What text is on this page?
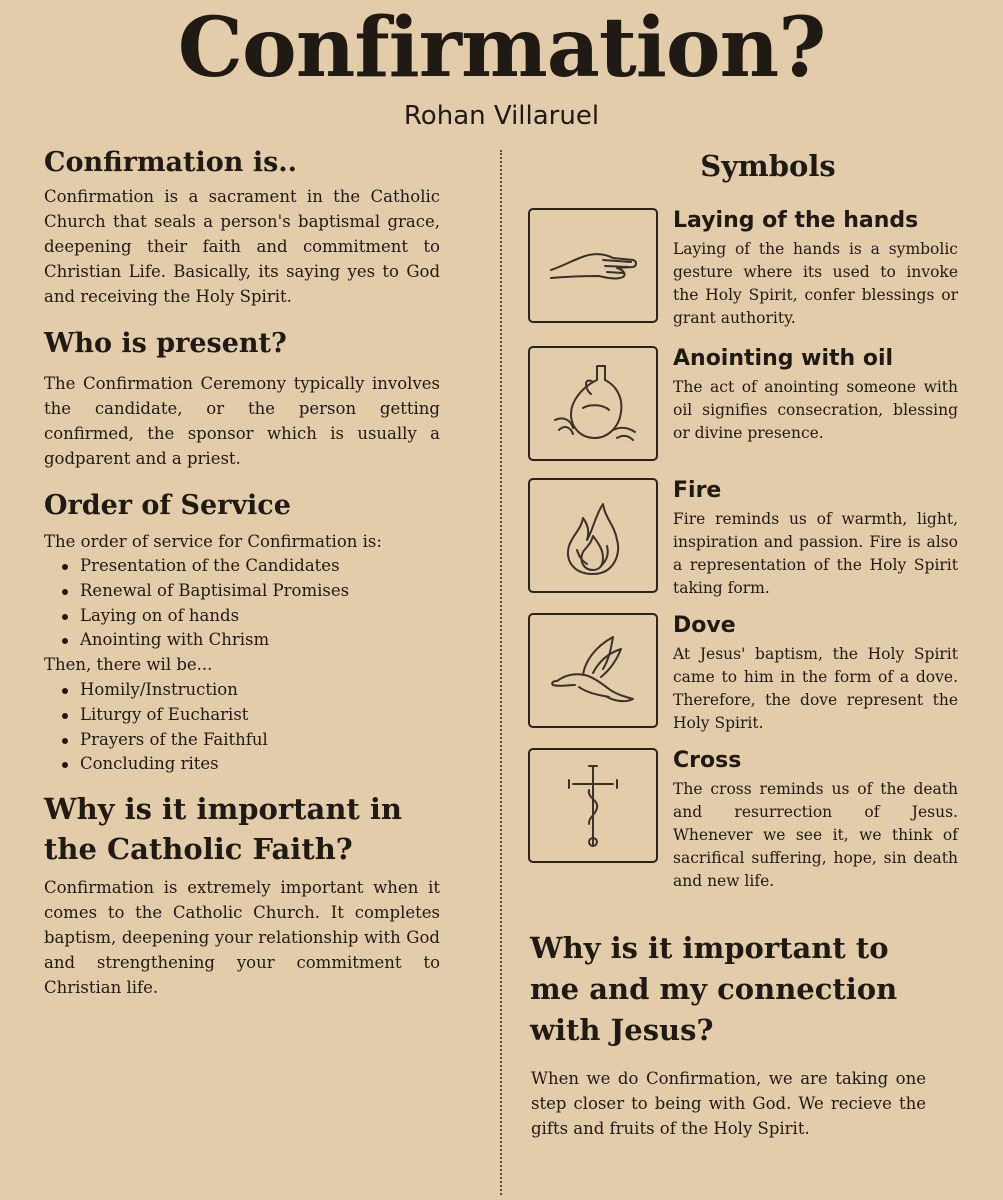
Confirmation?
Rohan Villaruel
Confirmation is..

Confirmation is a sacrament in the Catholic Church that seals a person's baptismal grace, deepening their faith and commitment to Christian Life. Basically, its saying yes to God and receiving the Holy Spirit.

Who is present?

The Confirmation Ceremony typically involves the candidate, or the person getting confirmed, the sponsor which is usually a godparent and a priest.

Order of Service

The order of service for Confirmation is:

Presentation of the Candidates
Renewal of Baptisimal Promises
Laying on of hands
Anointing with Chrism
Then, there wil be...
Homily/Instruction
Liturgy of Eucharist
Prayers of the Faithful
Concluding rites
Why is it important in the Catholic Faith?

Confirmation is extremely important when it comes to the Catholic Church. It completes baptism, deepening your relationship with God and strengthening your commitment to Christian life.

Symbols
Laying of the hands
Laying of the hands is a symbolic gesture where its used to invoke the Holy Spirit, confer blessings or grant authority.
Anointing with oil
The act of anointing someone with oil signifies consecration, blessing or divine presence.
Fire
Fire reminds us of warmth, light, inspiration and passion. Fire is also a representation of the Holy Spirit taking form.
Dove
At Jesus' baptism, the Holy Spirit came to him in the form of a dove. Therefore, the dove represent the Holy Spirit.
Cross
The cross reminds us of the death and resurrection of Jesus. Whenever we see it, we think of sacrifical suffering, hope, sin death and new life.
Why is it important to me and my connection with Jesus?

When we do Confirmation, we are taking one step closer to being with God. We recieve the gifts and fruits of the Holy Spirit.
